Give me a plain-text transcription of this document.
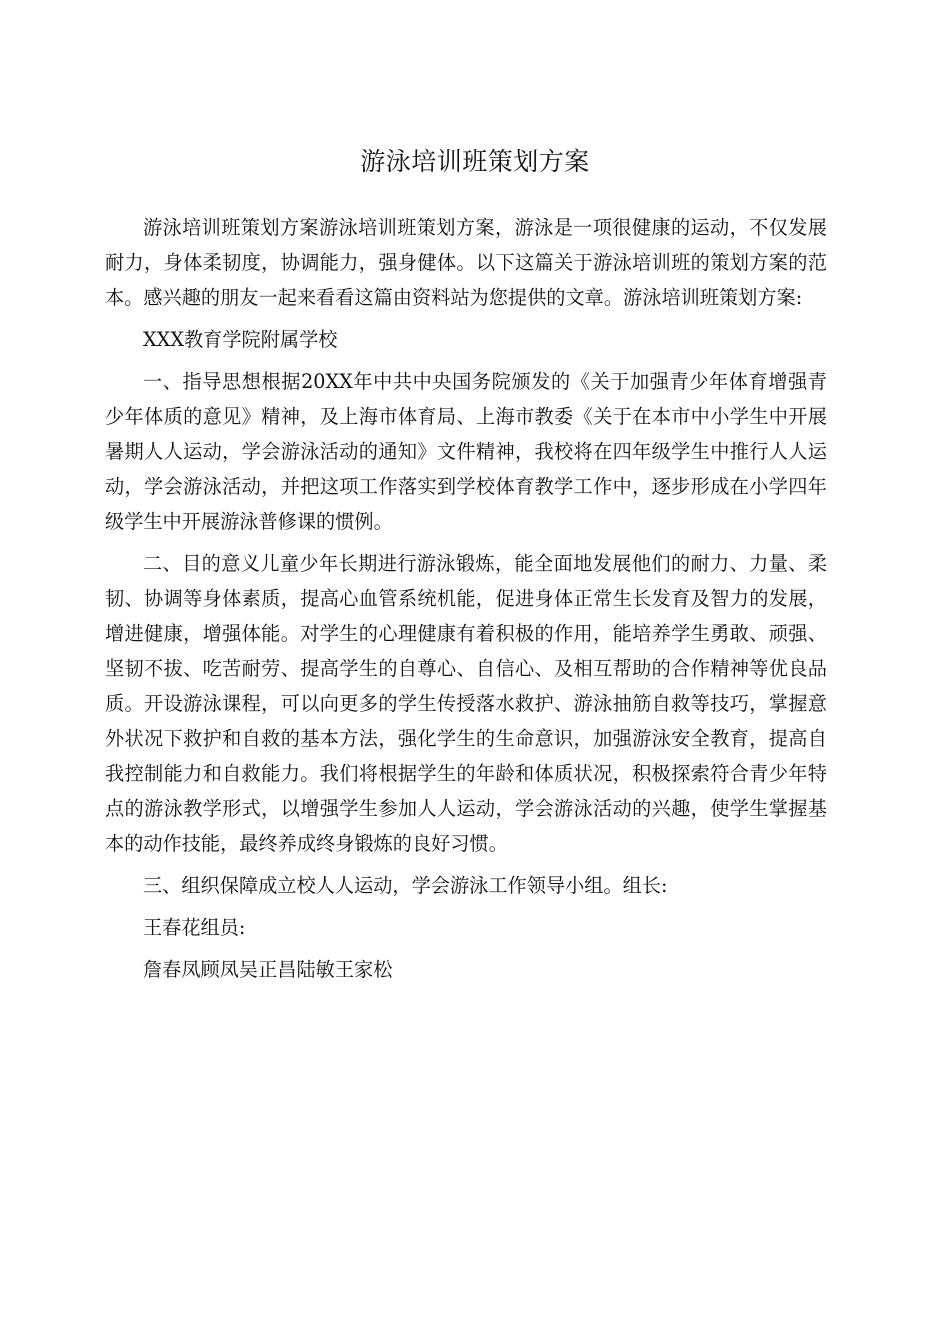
游泳培训班策划方案

游泳培训班策划方案游泳培训班策划方案，游泳是一项很健康的运动，不仅发展耐力，身体柔韧度，协调能力，强身健体。以下这篇关于游泳培训班的策划方案的范本。感兴趣的朋友一起来看看这篇由资料站为您提供的文章。游泳培训班策划方案:

XXX教育学院附属学校

一、指导思想根据20XX年中共中央国务院颁发的《关于加强青少年体育增强青少年体质的意见》精神，及上海市体育局、上海市教委《关于在本市中小学生中开展暑期人人运动，学会游泳活动的通知》文件精神，我校将在四年级学生中推行人人运动，学会游泳活动，并把这项工作落实到学校体育教学工作中，逐步形成在小学四年级学生中开展游泳普修课的惯例。

二、目的意义儿童少年长期进行游泳锻炼，能全面地发展他们的耐力、力量、柔韧、协调等身体素质，提高心血管系统机能，促进身体正常生长发育及智力的发展，增进健康，增强体能。对学生的心理健康有着积极的作用，能培养学生勇敢、顽强、坚韧不拔、吃苦耐劳、提高学生的自尊心、自信心、及相互帮助的合作精神等优良品质。开设游泳课程，可以向更多的学生传授落水救护、游泳抽筋自救等技巧，掌握意外状况下救护和自救的基本方法，强化学生的生命意识，加强游泳安全教育，提高自我控制能力和自救能力。我们将根据学生的年龄和体质状况，积极探索符合青少年特点的游泳教学形式，以增强学生参加人人运动，学会游泳活动的兴趣，使学生掌握基本的动作技能，最终养成终身锻炼的良好习惯。

三、组织保障成立校人人运动，学会游泳工作领导小组。组长:

王春花组员:

詹春凤顾凤吴正昌陆敏王家松
